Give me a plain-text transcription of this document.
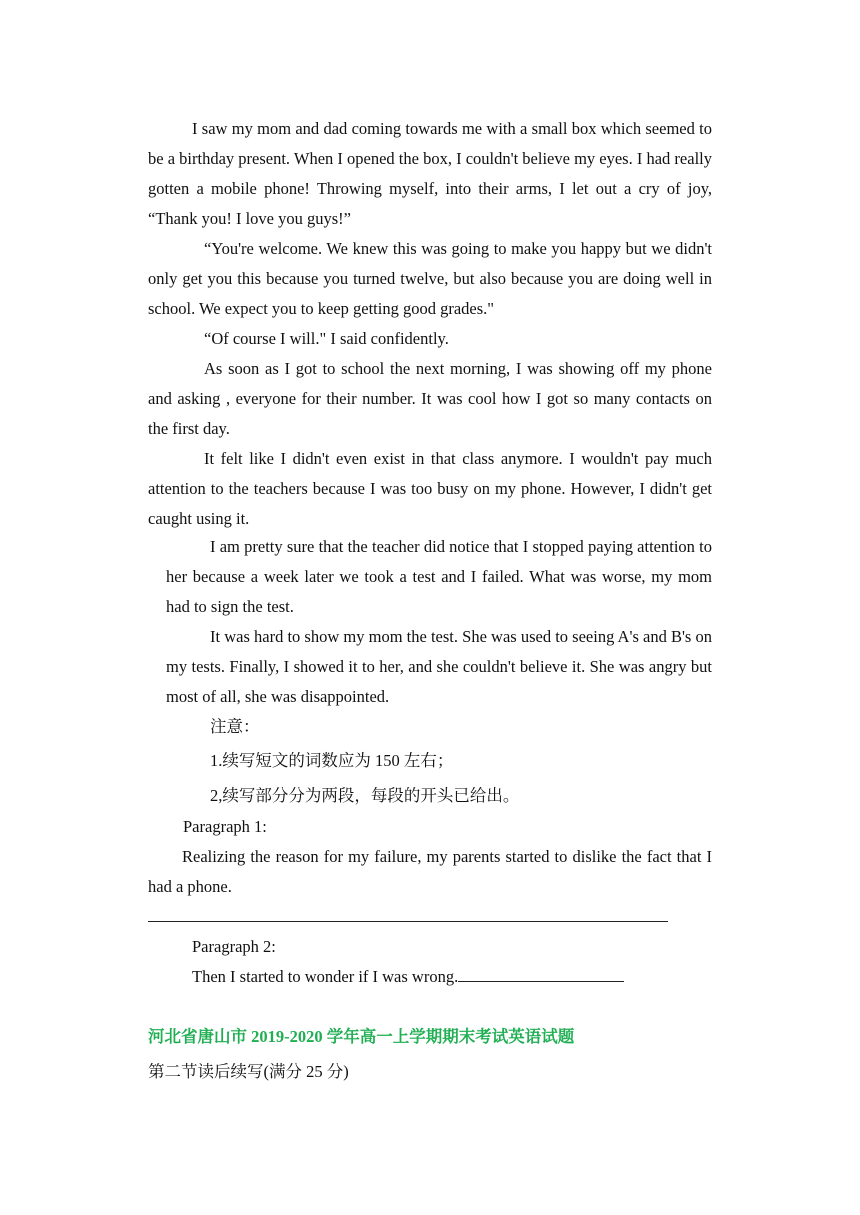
I saw my mom and dad coming towards me with a small box which seemed to be a birthday present. When I opened the box, I couldn't believe my eyes. I had really gotten a mobile phone! Throwing myself, into their arms, I let out a cry of joy, “Thank you! I love you guys!”

“You're welcome. We knew this was going to make you happy but we didn't only get you this because you turned twelve, but also because you are doing well in school. We expect you to keep getting good grades."

“Of course I will." I said confidently.

As soon as I got to school the next morning, I was showing off my phone and asking , everyone for their number. It was cool how I got so many contacts on the first day.

It felt like I didn't even exist in that class anymore. I wouldn't pay much attention to the teachers because I was too busy on my phone. However, I didn't get caught using it.

I am pretty sure that the teacher did notice that I stopped paying attention to her because a week later we took a test and I failed. What was worse, my mom had to sign the test.

It was hard to show my mom the test. She was used to seeing A's and B's on my tests. Finally, I showed it to her, and she couldn't believe it. She was angry but most of all, she was disappointed.

注意：
1.续写短文的词数应为 150 左右；
2,续写部分分为两段，每段的开头已给出。
Paragraph 1:

Realizing the reason for my failure, my parents started to dislike the fact that I had a phone.

Paragraph 2:
Then I started to wonder if I was wrong.
河北省唐山市 2019-2020 学年高一上学期期末考试英语试题
第二节读后续写(满分 25 分)
